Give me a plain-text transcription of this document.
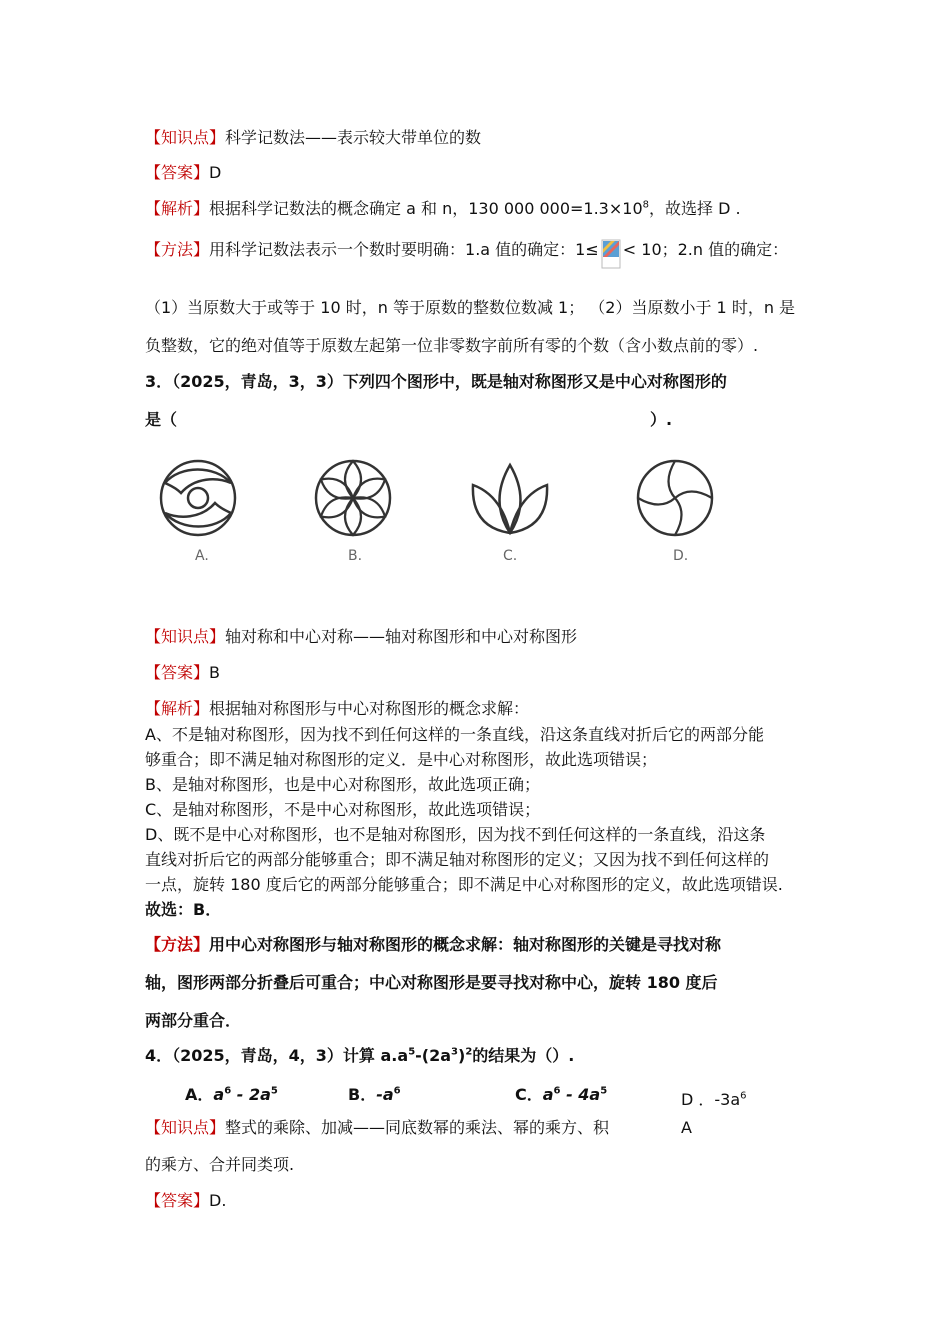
【知识点】科学记数法——表示较大带单位的数
【答案】D
【解析】根据科学记数法的概念确定 a 和 n，130 000 $000=1.3\times 10^8$，故选择 D .
【方法】用科学记数法表示一个数时要明确：1.a 值的确定：1≤ < 10；2.n 值的确定：
（1）当原数大于或等于 10 时，n 等于原数的整数位数减 1； （2）当原数小于 1 时，n 是
负整数，它的绝对值等于原数左起第一位非零数字前所有零的个数（含小数点前的零）.
3．（2025，青岛，3，3）下列四个图形中，既是轴对称图形又是中心对称图形的
是（	）.
A.	B.	C.	D.
【知识点】轴对称和中心对称——轴对称图形和中心对称图形
【答案】B
【解析】根据轴对称图形与中心对称图形的概念求解：
A、不是轴对称图形，因为找不到任何这样的一条直线，沿这条直线对折后它的两部分能
够重合；即不满足轴对称图形的定义．是中心对称图形，故此选项错误；
B、是轴对称图形，也是中心对称图形，故此选项正确；
C、是轴对称图形，不是中心对称图形，故此选项错误；
D、既不是中心对称图形，也不是轴对称图形，因为找不到任何这样的一条直线，沿这条
直线对折后它的两部分能够重合；即不满足轴对称图形的定义；又因为找不到任何这样的
一点，旋转 180 度后它的两部分能够重合；即不满足中心对称图形的定义，故此选项错误.
故选：B．
【方法】用中心对称图形与轴对称图形的概念求解：轴对称图形的关键是寻找对称
轴，图形两部分折叠后可重合；中心对称图形是要寻找对称中心，旋转 180 度后
两部分重合．
4．（2025，青岛，4，3）计算 $a.a^5-(2a^3)^2$的结果为（）.
A．$a^6 - 2a^5$	B．$-a^6$	C．$a^6 - 4a^5$	D ．$-3a^6$
【知识点】整式的乘除、加减——同底数幂的乘法、幂的乘方、积	A
的乘方、合并同类项.
【答案】D.
